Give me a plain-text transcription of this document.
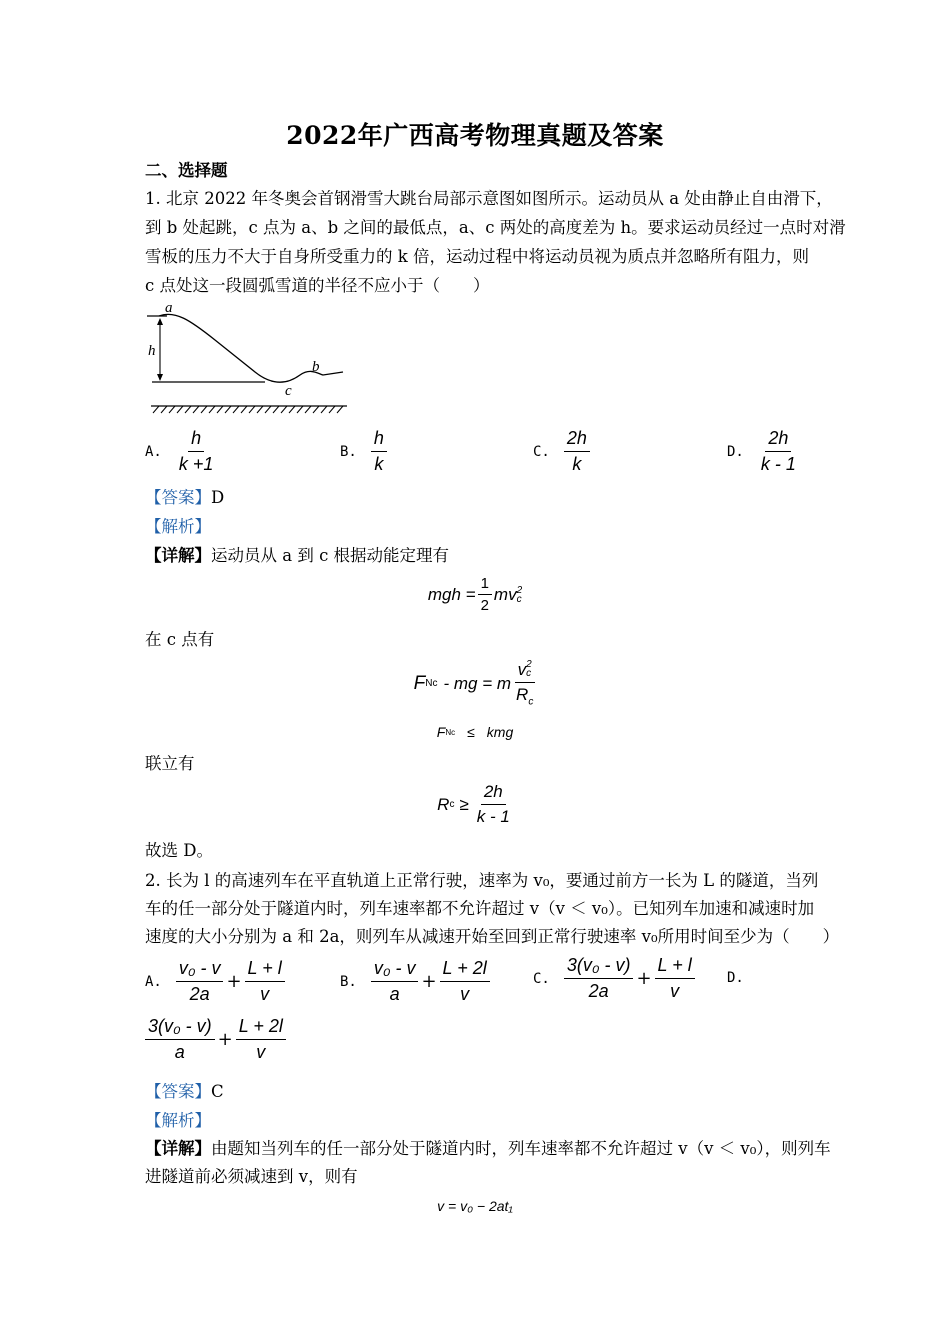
2022年广西高考物理真题及答案
二、选择题
1. 北京 2022 年冬奥会首钢滑雪大跳台局部示意图如图所示。运动员从 a 处由静止自由滑下，
到 b 处起跳，c 点为 a、b 之间的最低点，a、c 两处的高度差为 h。要求运动员经过一点时对滑
雪板的压力不大于自身所受重力的 k 倍，运动过程中将运动员视为质点并忽略所有阻力，则
c 点处这一段圆弧雪道的半径不应小于（　　）
a
h
c
b
A. $\frac{h}{k +1}$	B. $\frac{h}{k}$	C. $\frac{2h}{k}$	D. $\frac{2h}{k - 1}$
【答案】D
【解析】
【详解】运动员从 a 到 c 根据动能定理有
mgh = $\frac{1}{2}$ mv 2
c
在 c 点有
F Nc - mg = m v 2
c
$R_c$
F Nc ≤ kmg
联立有
R $c \ge \frac{2h}{k - 1}$
故选 D。
2. 长为 l 的高速列车在平直轨道上正常行驶，速率为 v₀，要通过前方一长为 L 的隧道，当列
车的任一部分处于隧道内时，列车速率都不允许超过 v（v ＜ v₀）。已知列车加速和减速时加
速度的大小分别为 a 和 2a，则列车从减速开始至回到正常行驶速率 v₀所用时间至少为（　　）
A. $\frac{\text{v₀ - v}}{2a} + \frac{L + l}{v}$	B. $\frac{\text{v₀ - v}}{a} + \frac{L + 2l}{v}$	C. $\frac{\text{3(v₀ - v)}}{2a} + \frac{L + l}{v} D$.
$\frac{\text{3(v₀ - v)}}{a} + \frac{L + 2l}{v}$
【答案】C
【解析】
【详解】由题知当列车的任一部分处于隧道内时，列车速率都不允许超过 v（v ＜ v₀），则列车
进隧道前必须减速到 v，则有
v = v₀ − 2at₁
